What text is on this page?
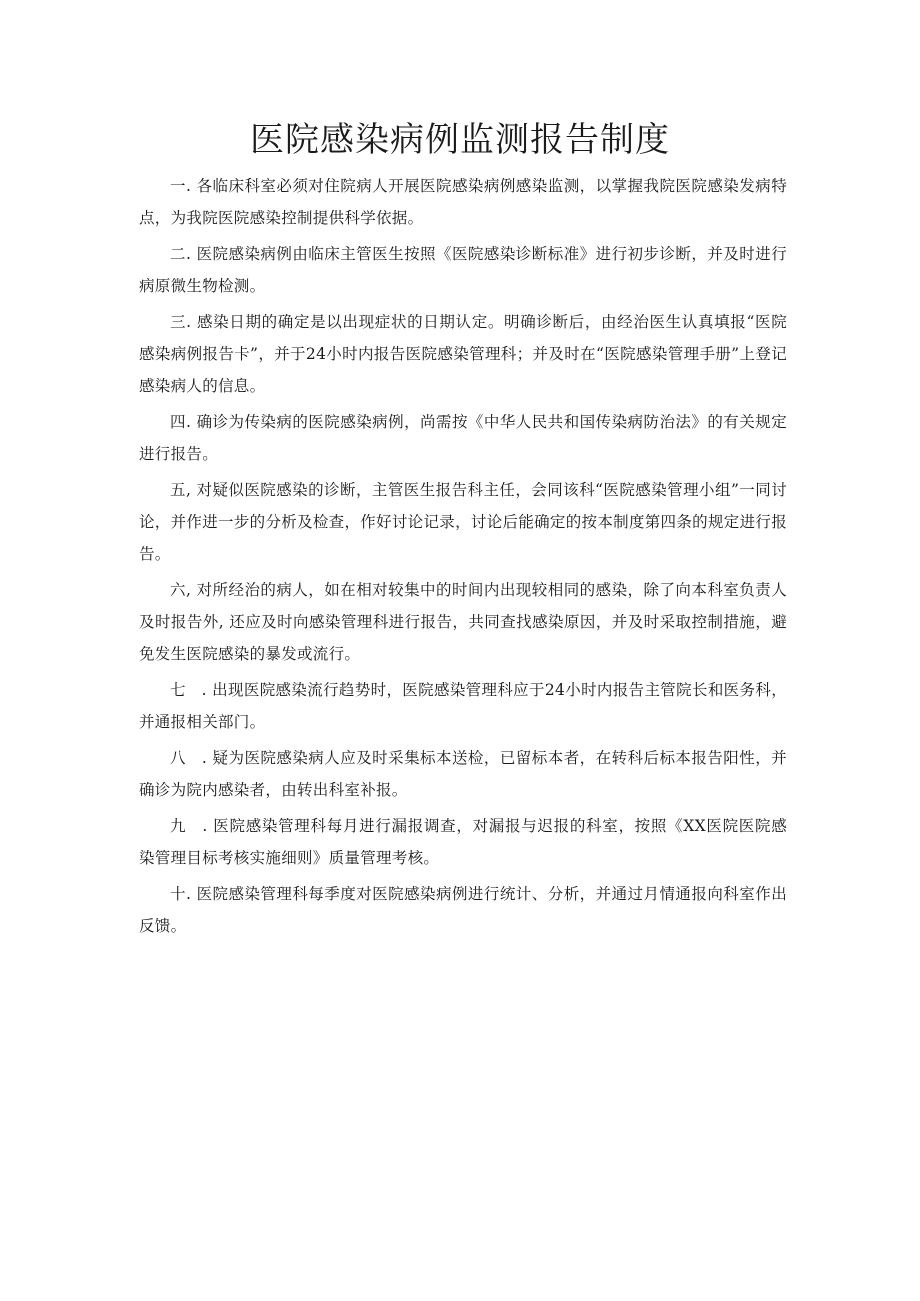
医院感染病例监测报告制度

一. 各临床科室必须对住院病人开展医院感染病例感染监测，以掌握我院医院感染发病特点，为我院医院感染控制提供科学依据。

二. 医院感染病例由临床主管医生按照《医院感染诊断标准》进行初步诊断，并及时进行病原微生物检测。

三. 感染日期的确定是以出现症状的日期认定。明确诊断后，由经治医生认真填报“医院感染病例报告卡”，并于24小时内报告医院感染管理科；并及时在“医院感染管理手册”上登记感染病人的信息。

四. 确诊为传染病的医院感染病例，尚需按《中华人民共和国传染病防治法》的有关规定进行报告。

五, 对疑似医院感染的诊断，主管医生报告科主任，会同该科“医院感染管理小组”一同讨论，并作进一步的分析及检查，作好讨论记录，讨论后能确定的按本制度第四条的规定进行报告。

六, 对所经治的病人，如在相对较集中的时间内出现较相同的感染，除了向本科室负责人及时报告外, 还应及时向感染管理科进行报告，共同查找感染原因，并及时采取控制措施，避免发生医院感染的暴发或流行。

七　. 出现医院感染流行趋势时，医院感染管理科应于24小时内报告主管院长和医务科，并通报相关部门。

八　. 疑为医院感染病人应及时采集标本送检，已留标本者，在转科后标本报告阳性，并确诊为院内感染者，由转出科室补报。

九　. 医院感染管理科每月进行漏报调查，对漏报与迟报的科室，按照《XX医院医院感染管理目标考核实施细则》质量管理考核。

十. 医院感染管理科每季度对医院感染病例进行统计、分析，并通过月情通报向科室作出反馈。
